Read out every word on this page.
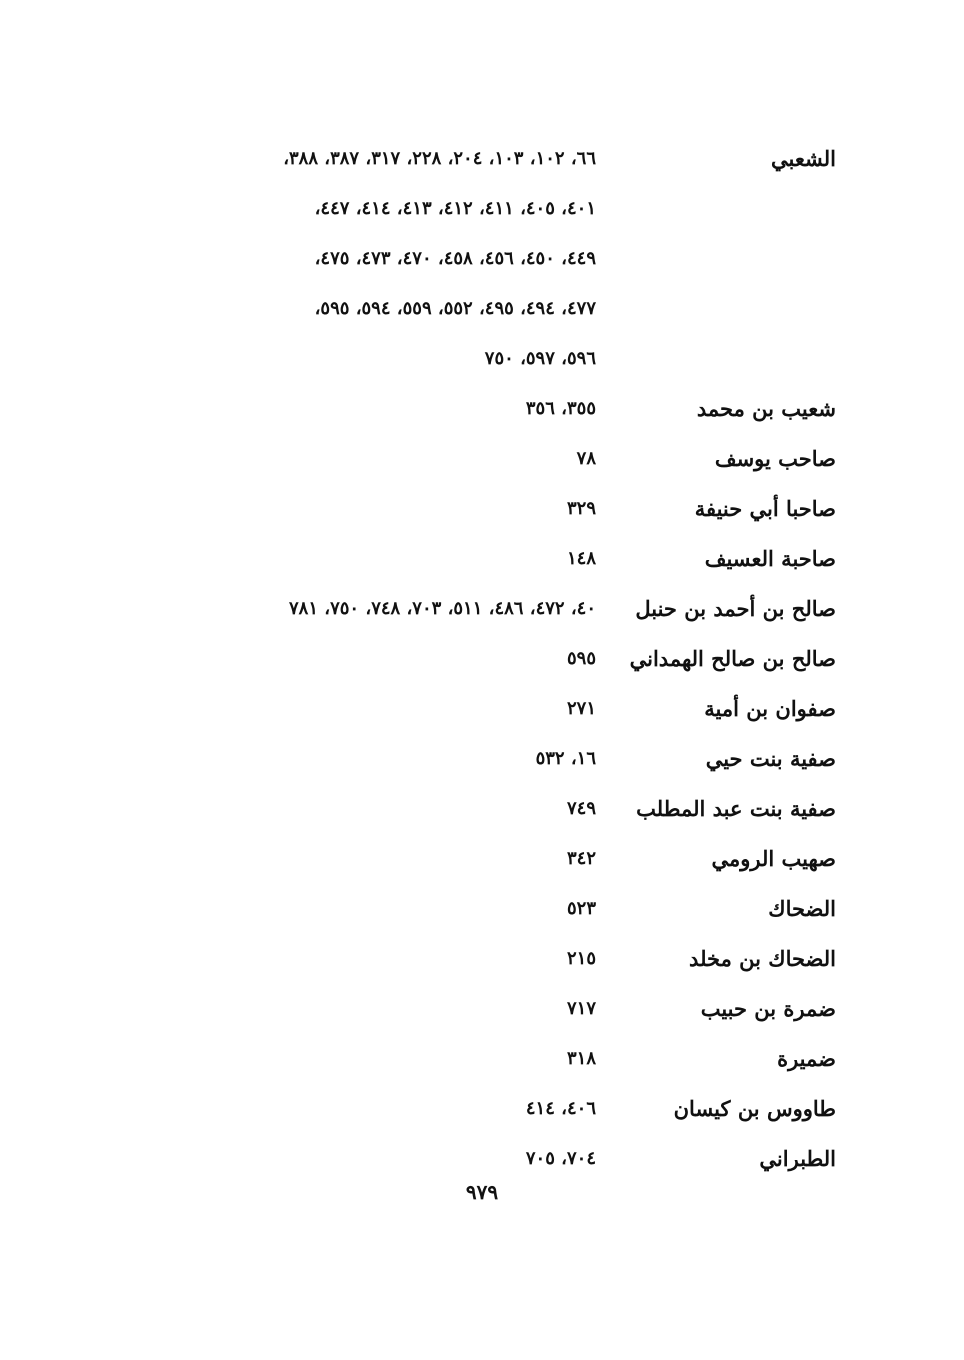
الشعبي
٦٦، ١٠٢، ١٠٣، ٢٠٤، ٢٢٨، ٣١٧، ٣٨٧، ٣٨٨،
٤٠١، ٤٠٥، ٤١١، ٤١٢، ٤١٣، ٤١٤، ٤٤٧،
٤٤٩، ٤٥٠، ٤٥٦، ٤٥٨، ٤٧٠، ٤٧٣، ٤٧٥،
٤٧٧، ٤٩٤، ٤٩٥، ٥٥٢، ٥٥٩، ٥٩٤، ٥٩٥،
٥٩٦، ٥٩٧، ٧٥٠
شعيب بن محمد
٣٥٥، ٣٥٦
صاحب يوسف
٧٨
صاحبا أبي حنيفة
٣٢٩
صاحبة العسيف
١٤٨
صالح بن أحمد بن حنبل
٤٠، ٤٧٢، ٤٨٦، ٥١١، ٧٠٣، ٧٤٨، ٧٥٠، ٧٨١
صالح بن صالح الهمداني
٥٩٥
صفوان بن أمية
٢٧١
صفية بنت حيي
١٦، ٥٣٢
صفية بنت عبد المطلب
٧٤٩
صهيب الرومي
٣٤٢
الضحاك
٥٢٣
الضحاك بن مخلد
٢١٥
ضمرة بن حبيب
٧١٧
ضميرة
٣١٨
طاووس بن كيسان
٤٠٦، ٤١٤
الطبراني
٧٠٤، ٧٠٥
٩٧٩
